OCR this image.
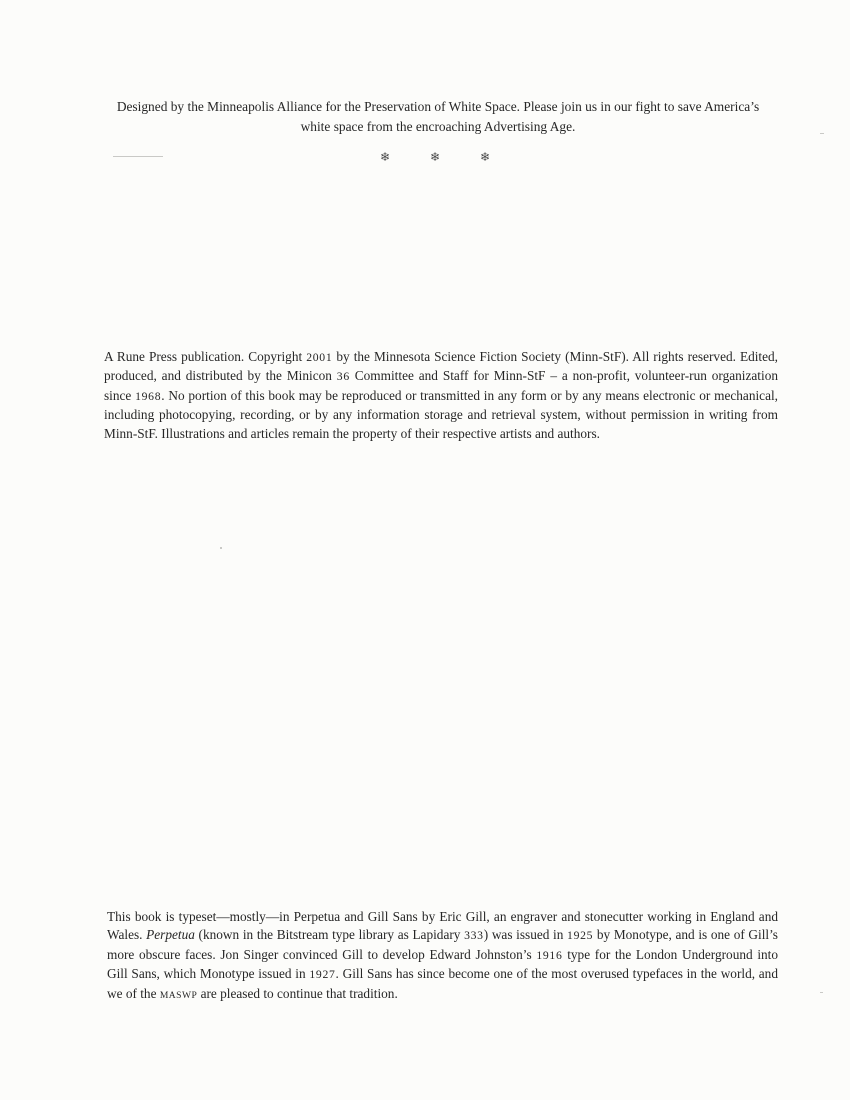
Designed by the Minneapolis Alliance for the Preservation of White Space. Please join us in our fight to save America’s white space from the encroaching Advertising Age.

❄	❄	❄

A Rune Press publication. Copyright 2001 by the Minnesota Science Fiction Society (Minn-StF). All rights reserved. Edited, produced, and distributed by the Minicon 36 Committee and Staff for Minn-StF – a non-profit, volunteer-run organization since 1968. No portion of this book may be reproduced or transmitted in any form or by any means electronic or mechanical, including photocopying, recording, or by any information storage and retrieval system, without permission in writing from Minn-StF. Illustrations and articles remain the property of their respective artists and authors.

This book is typeset—mostly—in Perpetua and Gill Sans by Eric Gill, an engraver and stonecutter working in England and Wales. Perpetua (known in the Bitstream type library as Lapidary 333) was issued in 1925 by Monotype, and is one of Gill’s more obscure faces. Jon Singer convinced Gill to develop Edward Johnston’s 1916 type for the London Underground into Gill Sans, which Monotype issued in 1927. Gill Sans has since become one of the most overused typefaces in the world, and we of the MASWP are pleased to continue that tradition.
